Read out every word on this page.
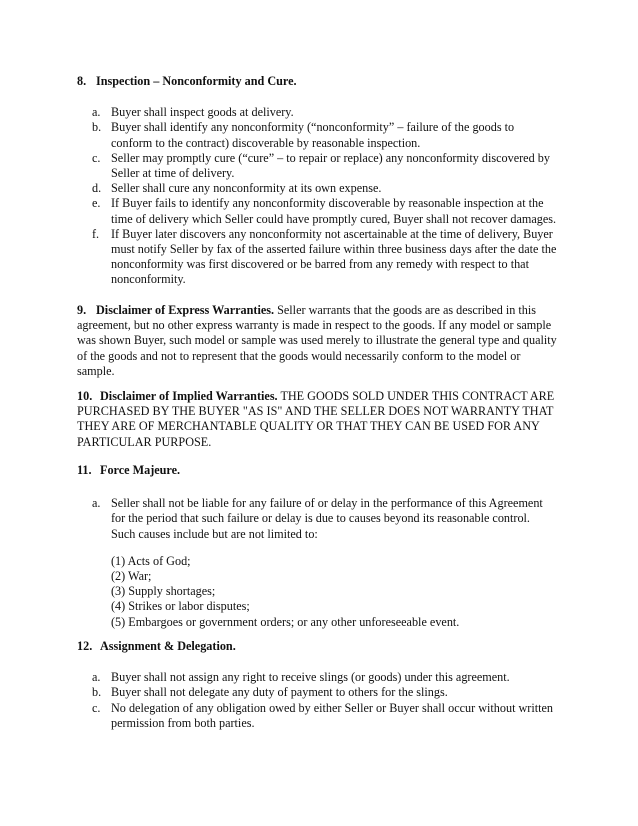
8. Inspection – Nonconformity and Cure.
a. Buyer shall inspect goods at delivery.
b. Buyer shall identify any nonconformity (“nonconformity” – failure of the goods to conform to the contract) discoverable by reasonable inspection.
c. Seller may promptly cure (“cure” – to repair or replace) any nonconformity discovered by Seller at time of delivery.
d. Seller shall cure any nonconformity at its own expense.
e. If Buyer fails to identify any nonconformity discoverable by reasonable inspection at the time of delivery which Seller could have promptly cured, Buyer shall not recover damages.
f. If Buyer later discovers any nonconformity not ascertainable at the time of delivery, Buyer must notify Seller by fax of the asserted failure within three business days after the date the nonconformity was first discovered or be barred from any remedy with respect to that nonconformity.
9. Disclaimer of Express Warranties. Seller warrants that the goods are as described in this agreement, but no other express warranty is made in respect to the goods. If any model or sample was shown Buyer, such model or sample was used merely to illustrate the general type and quality of the goods and not to represent that the goods would necessarily conform to the model or sample.
10. Disclaimer of Implied Warranties. THE GOODS SOLD UNDER THIS CONTRACT ARE PURCHASED BY THE BUYER "AS IS" AND THE SELLER DOES NOT WARRANTY THAT THEY ARE OF MERCHANTABLE QUALITY OR THAT THEY CAN BE USED FOR ANY PARTICULAR PURPOSE.
11. Force Majeure.
a. Seller shall not be liable for any failure of or delay in the performance of this Agreement for the period that such failure or delay is due to causes beyond its reasonable control. Such causes include but are not limited to:
(1) Acts of God;
(2) War;
(3) Supply shortages;
(4) Strikes or labor disputes;
(5) Embargoes or government orders; or any other unforeseeable event.
12. Assignment & Delegation.
a. Buyer shall not assign any right to receive slings (or goods) under this agreement.
b. Buyer shall not delegate any duty of payment to others for the slings.
c. No delegation of any obligation owed by either Seller or Buyer shall occur without written permission from both parties.
